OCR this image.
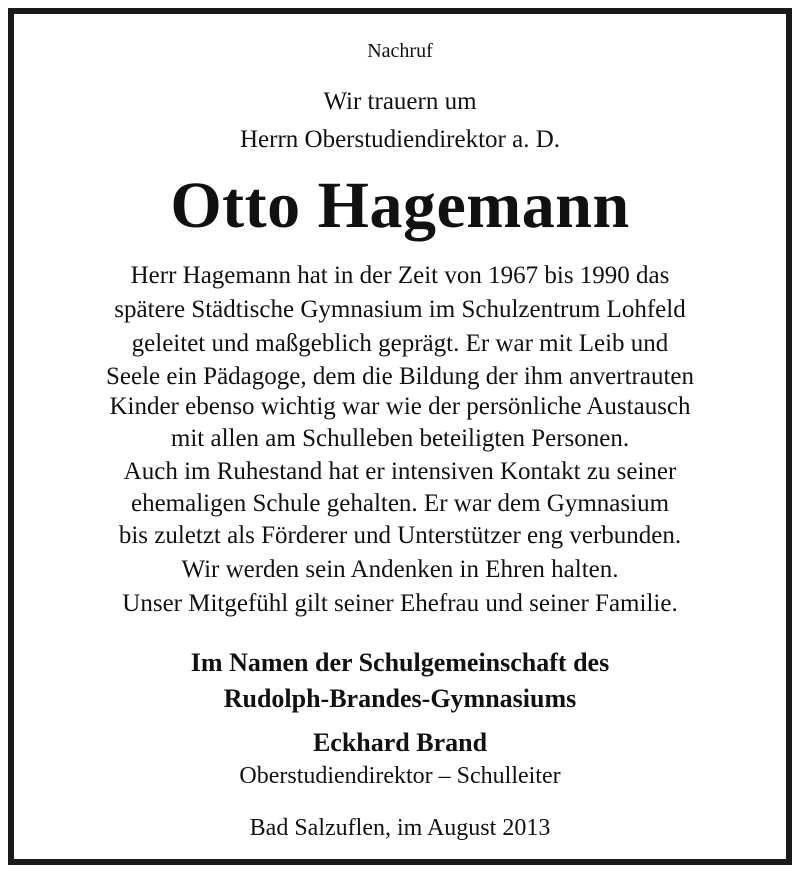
Nachruf
Wir trauern um
Herrn Oberstudiendirektor a. D.
Otto Hagemann
Herr Hagemann hat in der Zeit von 1967 bis 1990 das
spätere Städtische Gymnasium im Schulzentrum Lohfeld
geleitet und maßgeblich geprägt. Er war mit Leib und
Seele ein Pädagoge, dem die Bildung der ihm anvertrauten
Kinder ebenso wichtig war wie der persönliche Austausch
mit allen am Schulleben beteiligten Personen.
Auch im Ruhestand hat er intensiven Kontakt zu seiner
ehemaligen Schule gehalten. Er war dem Gymnasium
bis zuletzt als Förderer und Unterstützer eng verbunden.
Wir werden sein Andenken in Ehren halten.
Unser Mitgefühl gilt seiner Ehefrau und seiner Familie.
Im Namen der Schulgemeinschaft des
Rudolph-Brandes-Gymnasiums
Eckhard Brand
Oberstudiendirektor – Schulleiter
Bad Salzuflen, im August 2013
